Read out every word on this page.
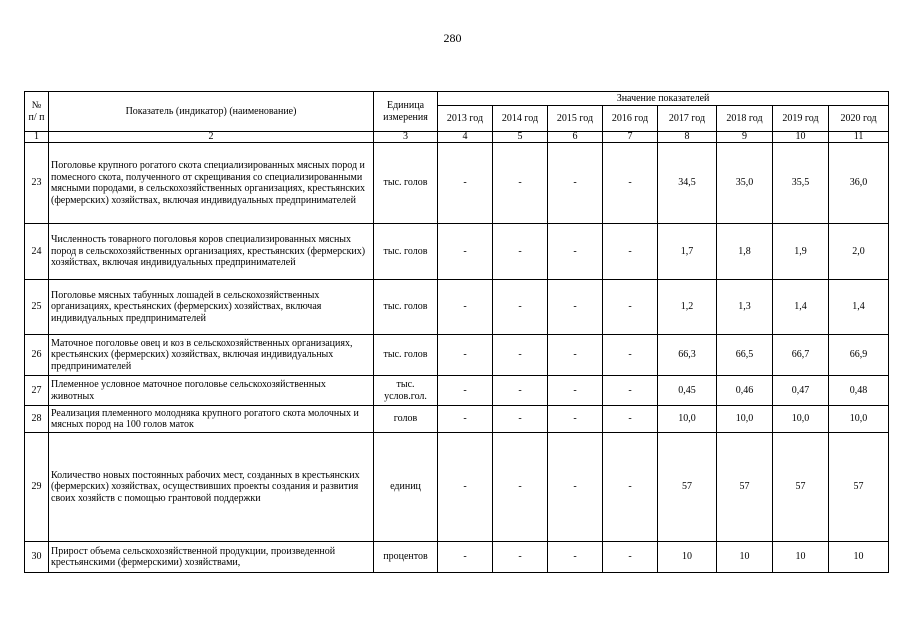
280
№ п/ п	Показатель (индикатор) (наименование)	Единица измерения	Значение показателей							
			2013 год	2014 год	2015 год	2016 год	2017 год	2018 год	2019 год	2020 год
1	2	3	4	5	6	7	8	9	10	11
23	Поголовье крупного рогатого скота специализированных мясных пород и помесного скота, полученного от скрещивания со специализированными мясными породами, в сельскохозяйственных организациях, крестьянских (фермерских) хозяйствах, включая индивидуальных предпринимателей	тыс. голов	-	-	-	-	34,5	35,0	35,5	36,0
24	Численность товарного поголовья коров специализированных мясных пород в сельскохозяйственных организациях, крестьянских (фермерских) хозяйствах, включая индивидуальных предпринимателей	тыс. голов	-	-	-	-	1,7	1,8	1,9	2,0
25	Поголовье мясных табунных лошадей в сельскохозяйственных организациях, крестьянских (фермерских) хозяйствах, включая индивидуальных предпринимателей	тыс. голов	-	-	-	-	1,2	1,3	1,4	1,4
26	Маточное поголовье овец и коз в сельскохозяйственных организациях, крестьянских (фермерских) хозяйствах, включая индивидуальных предпринимателей	тыс. голов	-	-	-	-	66,3	66,5	66,7	66,9
27	Племенное условное маточное поголовье сельскохозяйственных животных	тыс. услов.гол.	-	-	-	-	0,45	0,46	0,47	0,48
28	Реализация племенного молодняка крупного рогатого скота молочных и мясных пород на 100 голов маток	голов	-	-	-	-	10,0	10,0	10,0	10,0
29	Количество новых постоянных рабочих мест, созданных в крестьянских (фермерских) хозяйствах, осуществивших проекты создания и развития своих хозяйств с помощью грантовой поддержки	единиц	-	-	-	-	57	57	57	57
30	Прирост объема сельскохозяйственной продукции, произведенной крестьянскими (фермерскими) хозяйствами,	процентов	-	-	-	-	10	10	10	10
